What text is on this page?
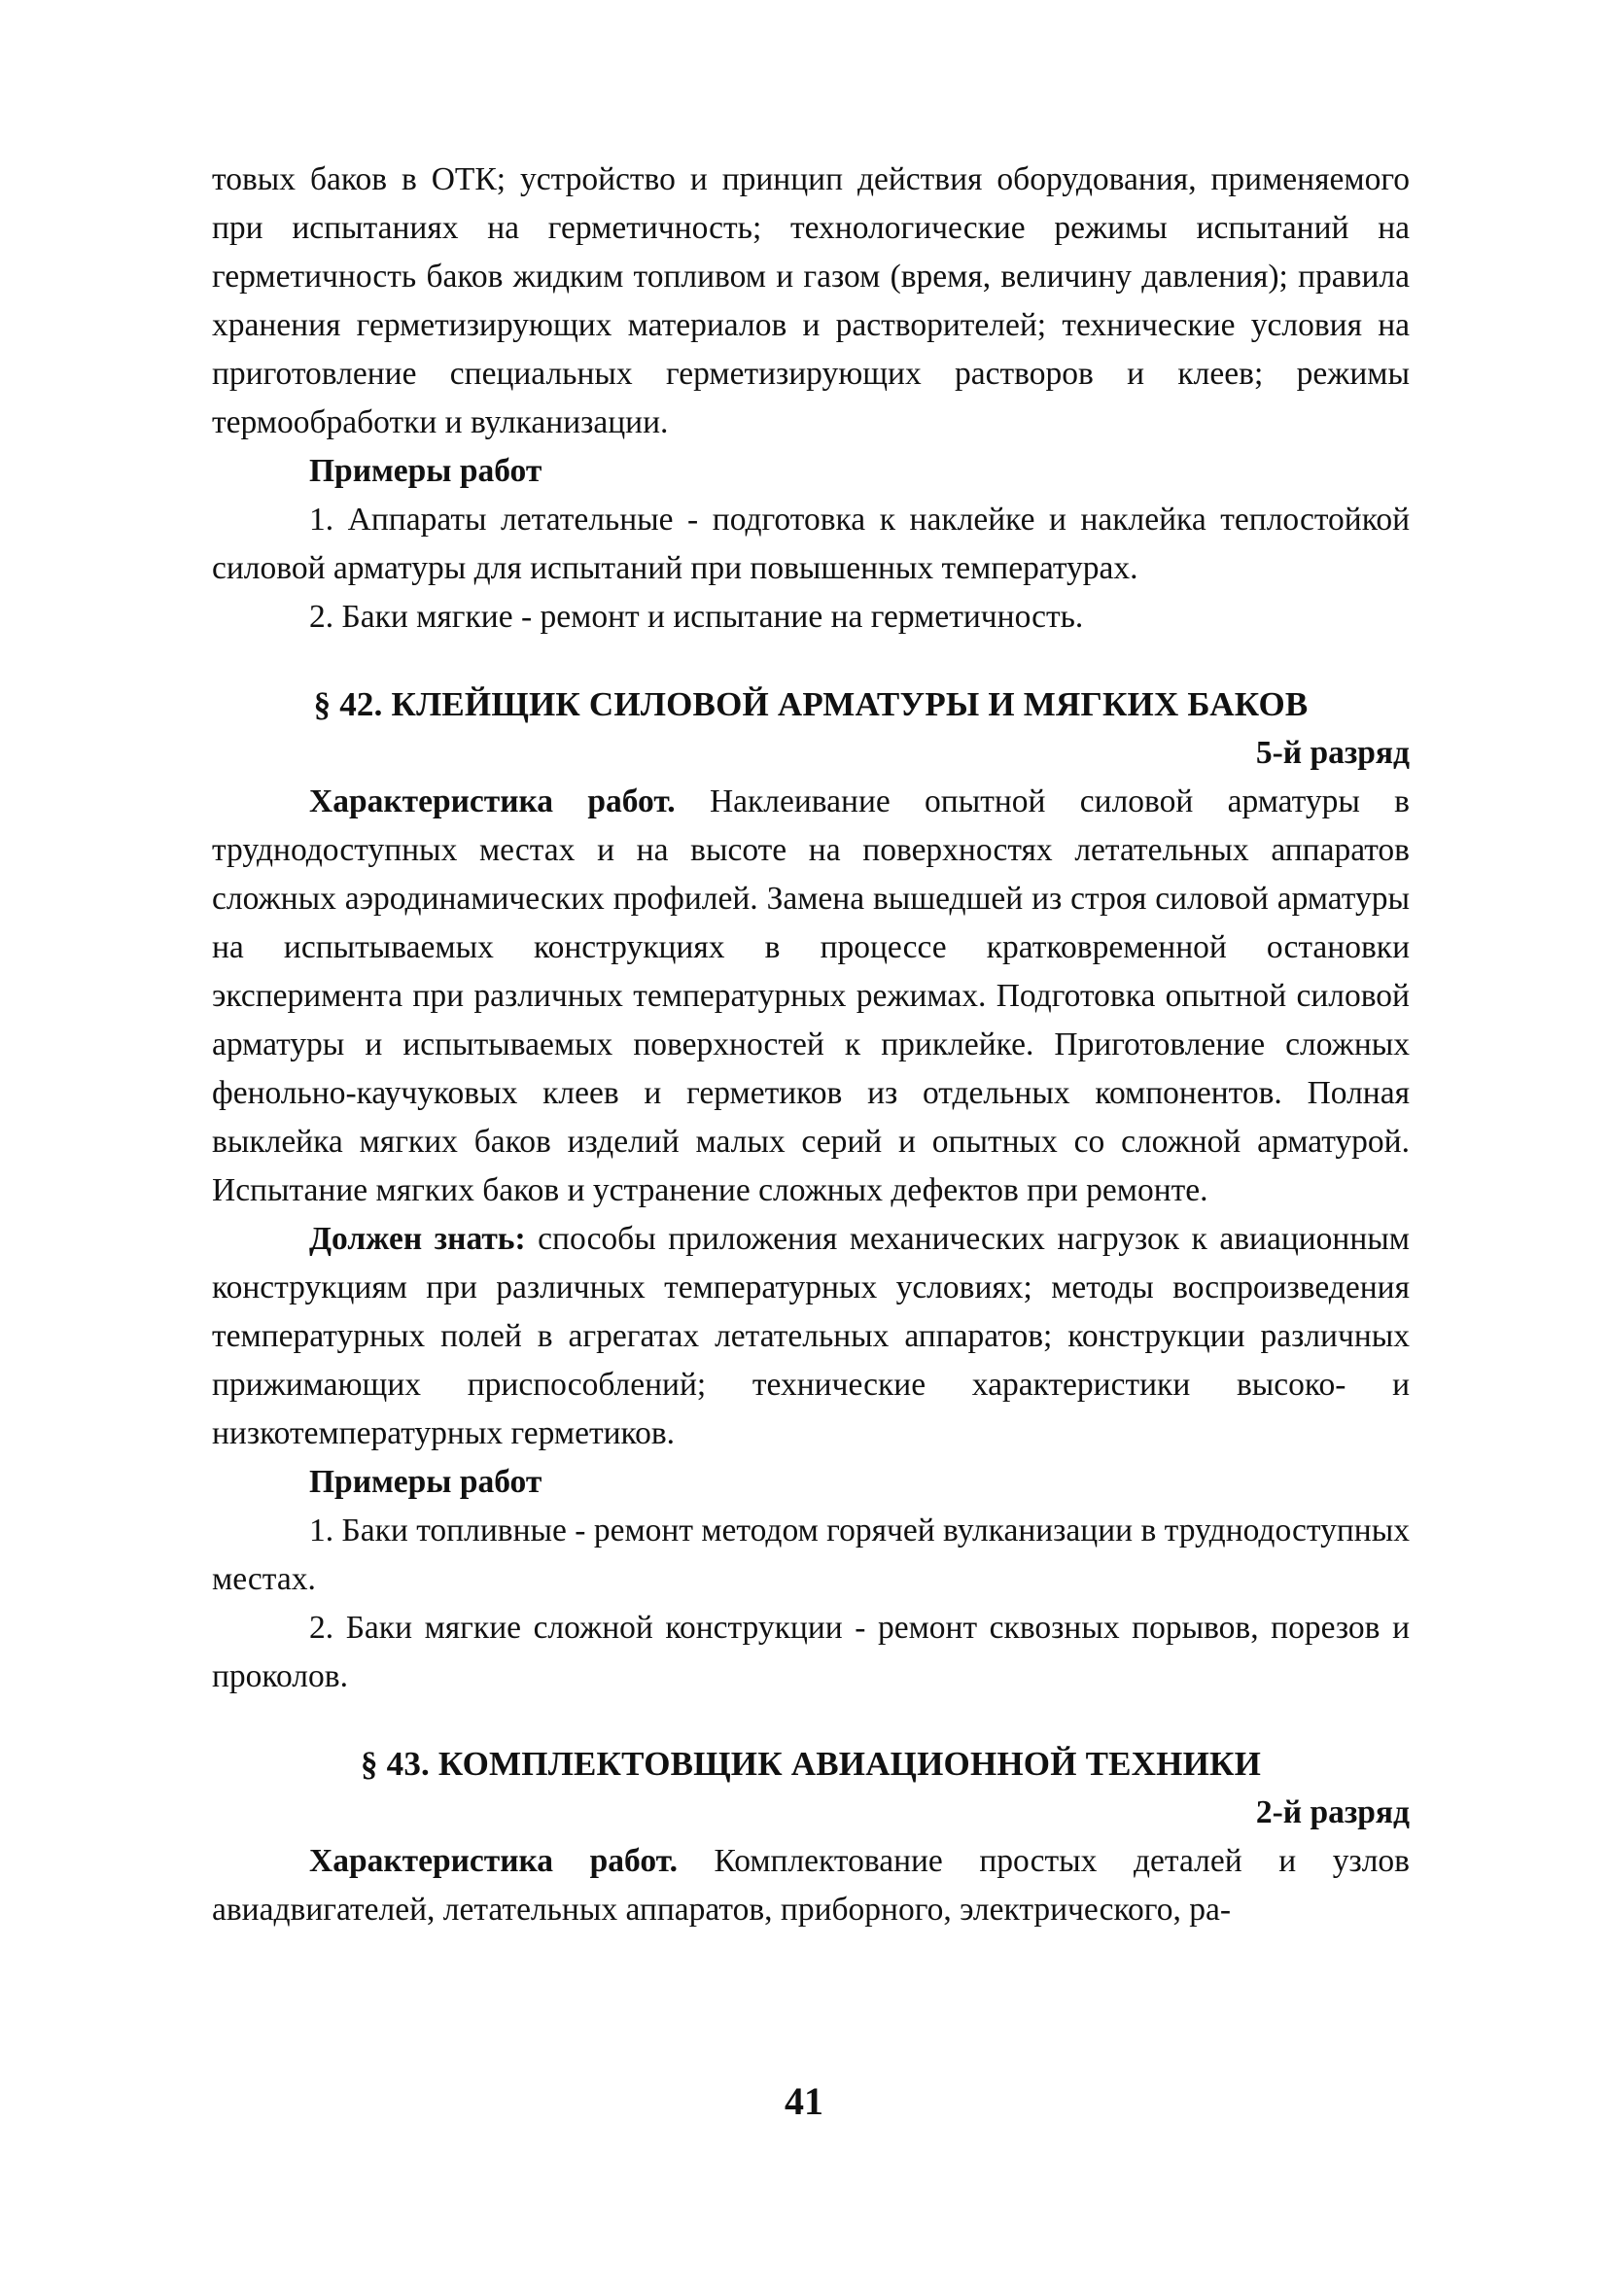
товых баков в ОТК; устройство и принцип действия оборудования, применяемого при испытаниях на герметичность; технологические режимы испытаний на герметичность баков жидким топливом и газом (время, величину давления); правила хранения герметизирующих материалов и растворителей; технические условия на приготовление специальных герметизирующих растворов и клеев; режимы термообработки и вулканизации.

Примеры работ

1. Аппараты летательные - подготовка к наклейке и наклейка теплостойкой силовой арматуры для испытаний при повышенных температурах.

2. Баки мягкие - ремонт и испытание на герметичность.

§ 42. КЛЕЙЩИК СИЛОВОЙ АРМАТУРЫ И МЯГКИХ БАКОВ

5-й разряд

Характеристика работ. Наклеивание опытной силовой арматуры в труднодоступных местах и на высоте на поверхностях летательных аппаратов сложных аэродинамических профилей. Замена вышедшей из строя силовой арматуры на испытываемых конструкциях в процессе кратковременной остановки эксперимента при различных температурных режимах. Подготовка опытной силовой арматуры и испытываемых поверхностей к приклейке. Приготовление сложных фенольно-каучуковых клеев и герметиков из отдельных компонентов. Полная выклейка мягких баков изделий малых серий и опытных со сложной арматурой. Испытание мягких баков и устранение сложных дефектов при ремонте.

Должен знать: способы приложения механических нагрузок к авиационным конструкциям при различных температурных условиях; методы воспроизведения температурных полей в агрегатах летательных аппаратов; конструкции различных прижимающих приспособлений; технические характеристики высоко- и низкотемпературных герметиков.

Примеры работ

1. Баки топливные - ремонт методом горячей вулканизации в труднодоступных местах.

2. Баки мягкие сложной конструкции - ремонт сквозных порывов, порезов и проколов.

§ 43. КОМПЛЕКТОВЩИК АВИАЦИОННОЙ ТЕХНИКИ

2-й разряд

Характеристика работ. Комплектование простых деталей и узлов авиадвигателей, летательных аппаратов, приборного, электрического, ра-

41
